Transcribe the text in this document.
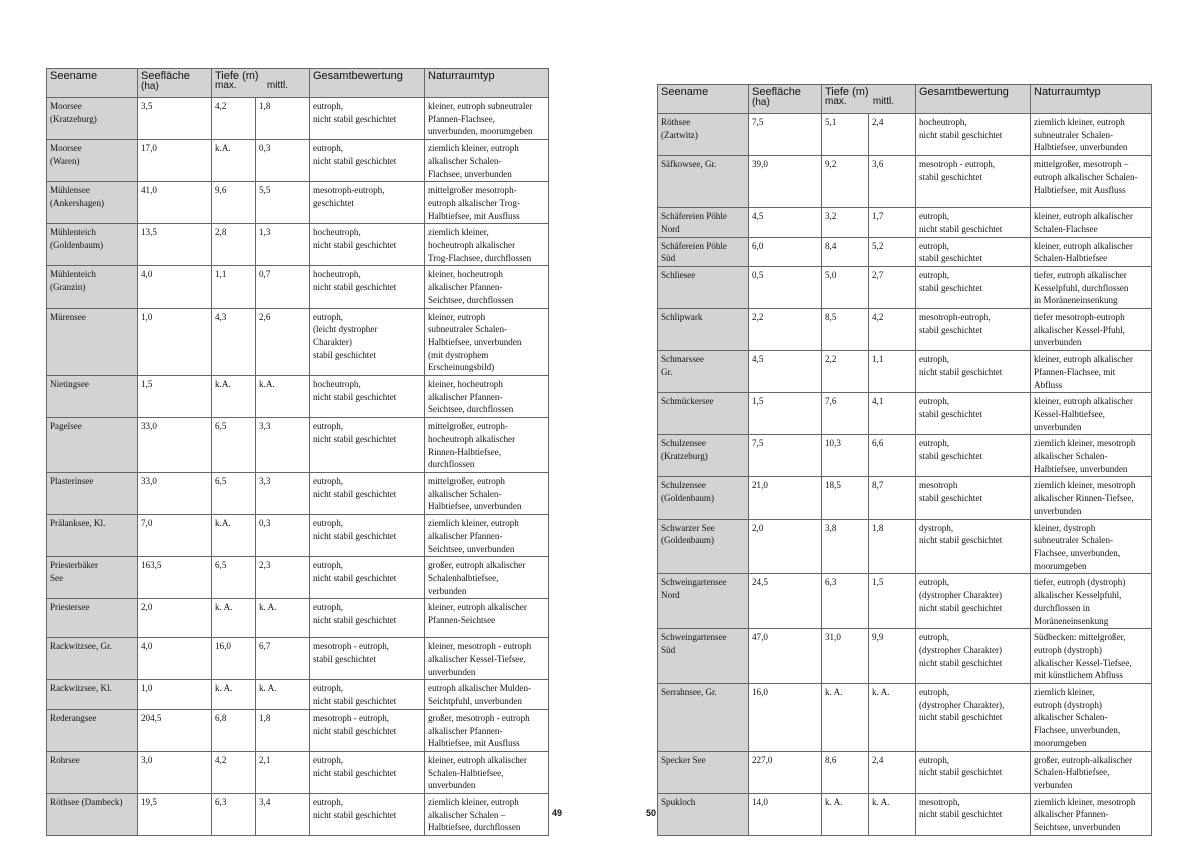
Seename	Seefläche
(ha)	Tiefe (m)

max. mittl.		Gesamtbewertung	Naturraumtyp
Moorsee
(Kratzeburg)	3,5	4,2	1,8	eutroph,
nicht stabil geschichtet	kleiner, eutroph subneutraler
Pfannen-Flachsee,
unverbunden, moorumgeben
Moorsee
(Waren)	17,0	k.A.	0,3	eutroph,
nicht stabil geschichtet	ziemlich kleiner, eutroph
alkalischer Schalen-
Flachsee, unverbunden
Mühlensee
(Ankershagen)	41,0	9,6	5,5	mesotroph-eutroph,
geschichtet	mittelgroßer mesotroph-
eutroph alkalischer Trog-
Halbtiefsee, mit Ausfluss
Mühlenteich
(Goldenbaum)	13,5	2,8	1,3	hocheutroph,
nicht stabil geschichtet	ziemlich kleiner,
hocheutroph alkalischer
Trog-Flachsee, durchflossen
Mühlenteich
(Granzin)	4,0	1,1	0,7	hocheutroph,
nicht stabil geschichtet	kleiner, hocheutroph
alkalischer Pfannen-
Seichtsee, durchflossen
Mürensee	1,0	4,3	2,6	eutroph,
(leicht dystropher
Charakter)
stabil geschichtet	kleiner, eutroph
subneutraler Schalen-
Halbtiefsee, unverbunden
(mit dystrophem
Erscheinungsbild)
Nietingsee	1,5	k.A.	k.A.	hocheutroph,
nicht stabil geschichtet	kleiner, hocheutroph
alkalischer Pfannen-
Seichtsee, durchflossen
Pagelsee	33,0	6,5	3,3	eutroph,
nicht stabil geschichtet	mittelgroßer, eutroph-
hocheutroph alkalischer
Rinnen-Halbtiefsee,
durchflossen
Plasterinsee	33,0	6,5	3,3	eutroph,
nicht stabil geschichtet	mittelgroßer, eutroph
alkalischer Schalen-
Halbtiefsee, unverbunden
Prälanksee, Kl.	7,0	k.A.	0,3	eutroph,
nicht stabil geschichtet	ziemlich kleiner, eutroph
alkalischer Pfannen-
Seichtsee, unverbunden
Priesterbäker
See	163,5	6,5	2,3	eutroph,
nicht stabil geschichtet	großer, eutroph alkalischer
Schalenhalbtiefsee,
verbunden
Priestersee	2,0	k. A.	k. A.	eutroph,
nicht stabil geschichtet	kleiner, eutroph alkalischer
Pfannen-Seichtsee
Rackwitzsee, Gr.	4,0	16,0	6,7	mesotroph - eutroph,
stabil geschichtet	kleiner, mesotroph - eutroph
alkalischer Kessel-Tiefsee,
unverbunden
Rackwitzsee, Kl.	1,0	k. A.	k. A.	eutroph,
nicht stabil geschichtet	eutroph alkalischer Mulden-
Seichtpfuhl, unverbunden
Rederangsee	204,5	6,8	1,8	mesotroph - eutroph,
nicht stabil geschichtet	großer, mesotroph - eutroph
alkalischer Pfannen-
Halbtiefsee, mit Ausfluss
Rohrsee	3,0	4,2	2,1	eutroph,
nicht stabil geschichtet	kleiner, eutroph alkalischer
Schalen-Halbtiefsee,
unverbunden
Röthsee (Dambeck)	19,5	6,3	3,4	eutroph,
nicht stabil geschichtet	ziemlich kleiner, eutroph
alkalischer Schalen –
Halbtiefsee, durchflossen
Seename	Seefläche
(ha)	Tiefe (m)

max. mittl.		Gesamtbewertung	Naturraumtyp
Röthsee
(Zartwitz)	7,5	5,1	2,4	hocheutroph,
nicht stabil geschichtet	ziemlich kleiner, eutroph
subneutraler Schalen-
Halbtiefsee, unverbunden
Säfkowsee, Gr.	39,0	9,2	3,6	mesotroph - eutroph,
stabil geschichtet	mittelgroßer, mesotroph –
eutroph alkalischer Schalen-
Halbtiefsee, mit Ausfluss
Schäfereien Pöhle
Nord	4,5	3,2	1,7	eutroph,
nicht stabil geschichtet	kleiner, eutroph alkalischer
Schalen-Flachsee
Schäfereien Pöhle
Süd	6,0	8,4	5,2	eutroph,
stabil geschichtet	kleiner, eutroph alkalischer
Schalen-Halbtiefsee
Schliesee	0,5	5,0	2,7	eutroph,
stabil geschichtet	tiefer, eutroph alkalischer
Kesselpfuhl, durchflossen
in Moräneneinsenkung
Schlipwark	2,2	8,5	4,2	mesotroph-eutroph,
stabil geschichtet	tiefer mesotroph-eutroph
alkalischer Kessel-Pfuhl,
unverbunden
Schmarssee
Gr.	4,5	2,2	1,1	eutroph,
nicht stabil geschichtet	kleiner, eutroph alkalischer
Pfannen-Flachsee, mit
Abfluss
Schmückersee	1,5	7,6	4,1	eutroph,
stabil geschichtet	kleiner, eutroph alkalischer
Kessel-Halbtiefsee,
unverbunden
Schulzensee
(Kratzeburg)	7,5	10,3	6,6	eutroph,
stabil geschichtet	ziemlich kleiner, mesotroph
alkalischer Schalen-
Halbtiefsee, unverbunden
Schulzensee
(Goldenbaum)	21,0	18,5	8,7	mesotroph
stabil geschichtet	ziemlich kleiner, mesotroph
alkalischer Rinnen-Tiefsee,
unverbunden
Schwarzer See
(Goldenbaum)	2,0	3,8	1,8	dystroph,
nicht stabil geschichtet	kleiner, dystroph
subneutraler Schalen-
Flachsee, unverbunden,
moorumgeben
Schweingartensee
Nord	24,5	6,3	1,5	eutroph,
(dystropher Charakter)
nicht stabil geschichtet	tiefer, eutroph (dystroph)
alkalischer Kesselpfuhl,
durchflossen in
Moräneneinsenkung
Schweingartensee
Süd	47,0	31,0	9,9	eutroph,
(dystropher Charakter)
nicht stabil geschichtet	Südbecken: mittelgroßer,
eutroph (dystroph)
alkalischer Kessel-Tiefsee,
mit künstlichem Abfluss
Serrahnsee, Gr.	16,0	k. A.	k. A.	eutroph,
(dystropher Charakter),
nicht stabil geschichtet	ziemlich kleiner,
eutroph (dystroph)
alkalischer Schalen-
Flachsee, unverbunden,
moorumgeben
Specker See	227,0	8,6	2,4	eutroph,
nicht stabil geschichtet	großer, eutroph-alkalischer
Schalen-Halbtiefsee,
verbunden
Spukloch	14,0	k. A.	k. A.	mesotroph,
nicht stabil geschichtet	ziemlich kleiner, mesotroph
alkalischer Pfannen-
Seichtsee, unverbunden
49	50
